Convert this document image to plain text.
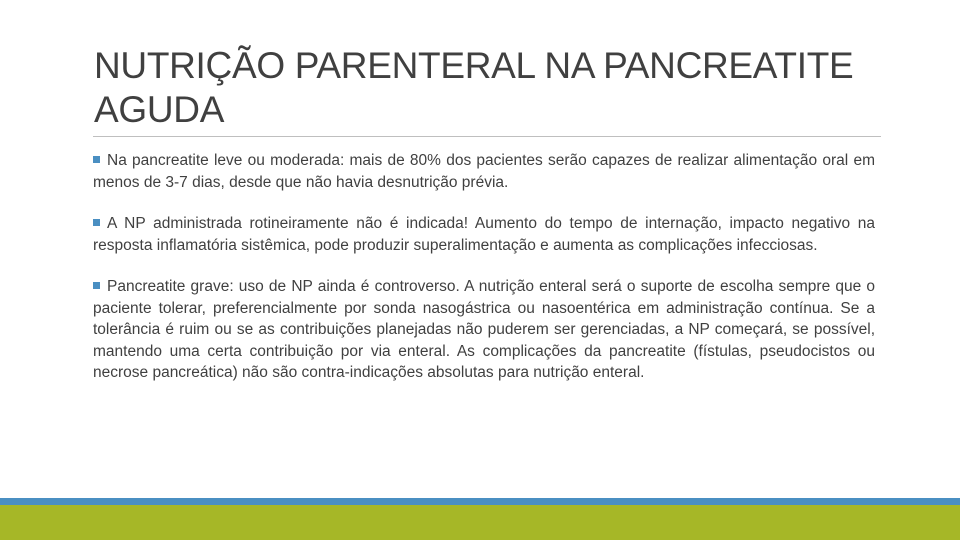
NUTRIÇÃO PARENTERAL NA PANCREATITE AGUDA

Na pancreatite leve ou moderada: mais de 80% dos pacientes serão capazes de realizar alimentação oral em menos de 3-7 dias, desde que não havia desnutrição prévia.

A NP administrada rotineiramente não é indicada! Aumento do tempo de internação, impacto negativo na resposta inflamatória sistêmica, pode produzir superalimentação e aumenta as complicações infecciosas.

Pancreatite grave: uso de NP ainda é controverso. A nutrição enteral será o suporte de escolha sempre que o paciente tolerar, preferencialmente por sonda nasogástrica ou nasoentérica em administração contínua. Se a tolerância é ruim ou se as contribuições planejadas não puderem ser gerenciadas, a NP começará, se possível, mantendo uma certa contribuição por via enteral. As complicações da pancreatite (fístulas, pseudocistos ou necrose pancreática) não são contra-indicações absolutas para nutrição enteral.
